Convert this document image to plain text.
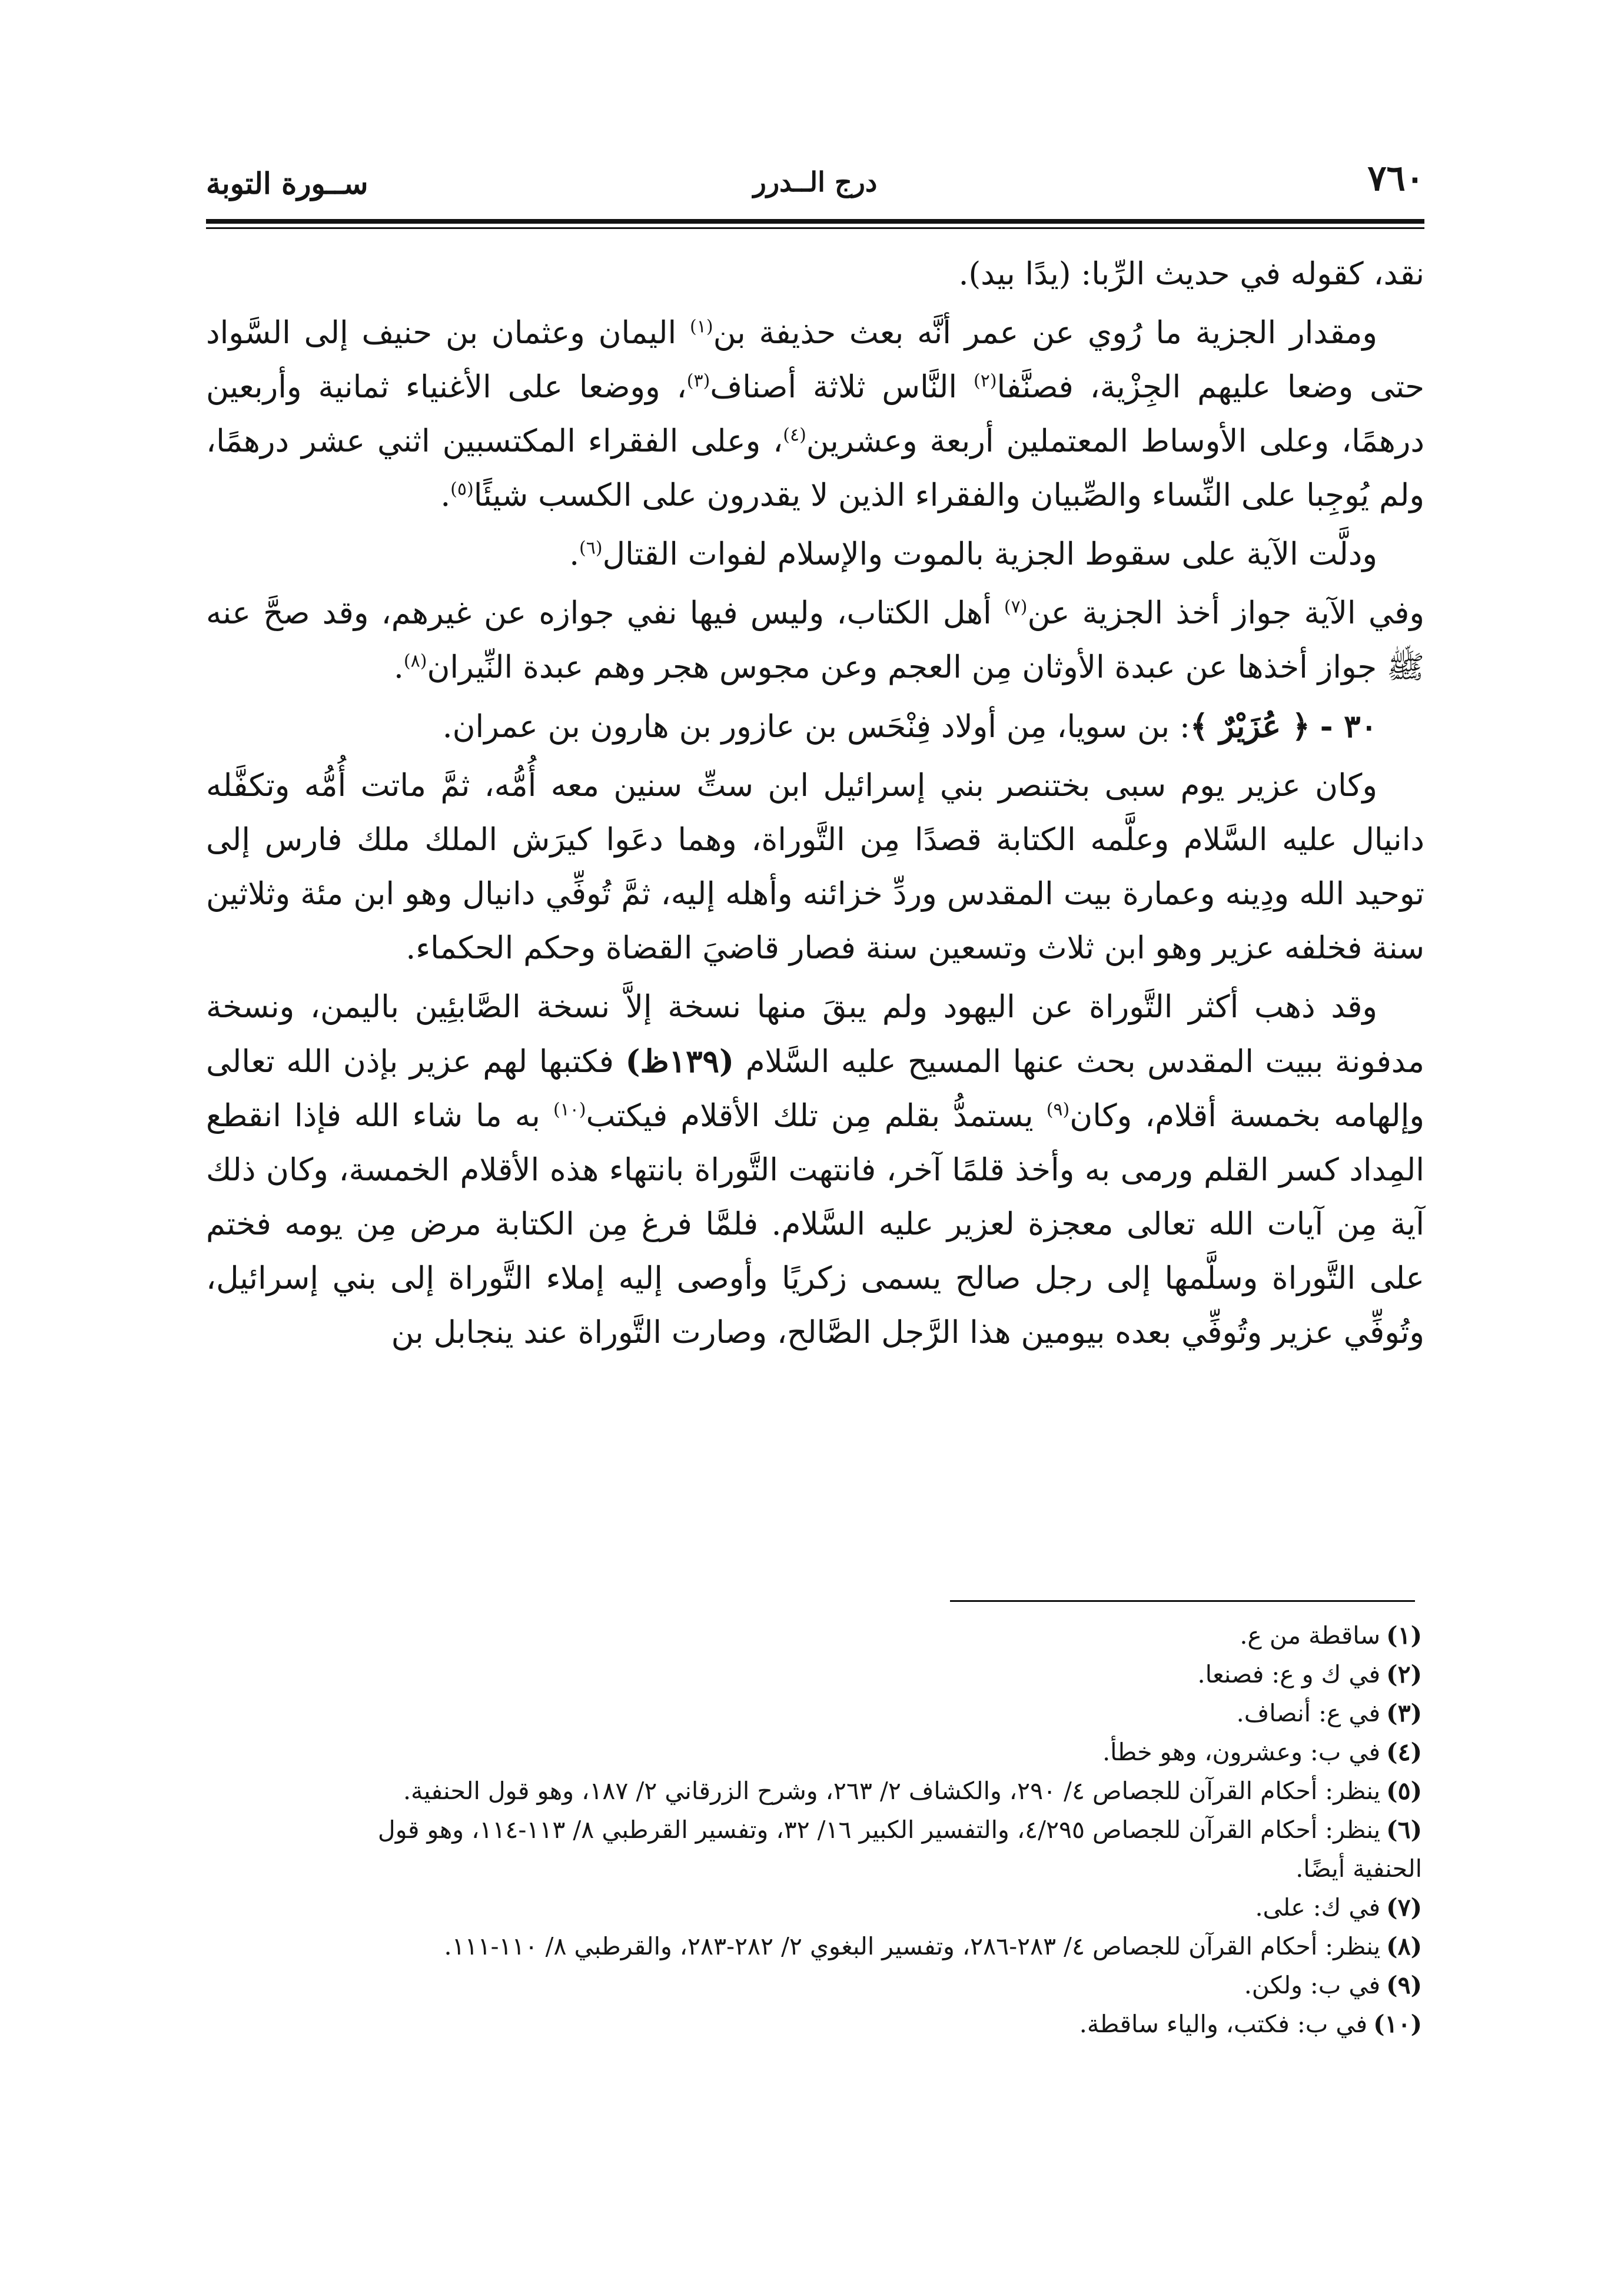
٧٦٠
درج الــدرر
ســورة التوبة

نقد، كقوله في حديث الرِّبا: (يدًا بيد).

ومقدار الجزية ما رُوي عن عمر أنَّه بعث حذيفة بن$^{(١)}$ اليمان وعثمان بن حنيف إلى السَّواد حتى وضعا عليهم الجِزْية، فصنَّفا$^{(٢)}$ النَّاس ثلاثة أصناف$^{(٣)}$، ووضعا على الأغنياء ثمانية وأربعين درهمًا، وعلى الأوساط المعتملين أربعة وعشرين$^{(٤)}$، وعلى الفقراء المكتسبين اثني عشر درهمًا، ولم يُوجِبا على النِّساء والصِّبيان والفقراء الذين لا يقدرون على الكسب شيئًا$^{(٥)}$.

ودلَّت الآية على سقوط الجزية بالموت والإسلام لفوات القتال$^{(٦)}$.

وفي الآية جواز أخذ الجزية عن$^{(٧)}$ أهل الكتاب، وليس فيها نفي جوازه عن غيرهم، وقد صحَّ عنه ﷺ جواز أخذها عن عبدة الأوثان مِن العجم وعن مجوس هجر وهم عبدة النِّيران$^{(٨)}$.

٣٠ - ﴿ عُزَيْرٌ ﴾: بن سويا، مِن أولاد فِنْحَس بن عازور بن هارون بن عمران.

وكان عزير يوم سبى بختنصر بني إسرائيل ابن ستِّ سنين معه أُمُّه، ثمَّ ماتت أُمُّه وتكفَّله دانيال عليه السَّلام وعلَّمه الكتابة قصدًا مِن التَّوراة، وهما دعَوا كيرَش الملك ملك فارس إلى توحيد الله ودِينه وعمارة بيت المقدس وردِّ خزائنه وأهله إليه، ثمَّ تُوفِّي دانيال وهو ابن مئة وثلاثين سنة فخلفه عزير وهو ابن ثلاث وتسعين سنة فصار قاضيَ القضاة وحكم الحكماء.

وقد ذهب أكثر التَّوراة عن اليهود ولم يبقَ منها نسخة إلاَّ نسخة الصَّابئِين باليمن، ونسخة مدفونة ببيت المقدس بحث عنها المسيح عليه السَّلام (١٣٩ظ) فكتبها لهم عزير بإذن الله تعالى وإلهامه بخمسة أقلام، وكان$^{(٩)}$ يستمدُّ بقلم مِن تلك الأقلام فيكتب$^{(١٠)}$ به ما شاء الله فإذا انقطع المِداد كسر القلم ورمى به وأخذ قلمًا آخر، فانتهت التَّوراة بانتهاء هذه الأقلام الخمسة، وكان ذلك آية مِن آيات الله تعالى معجزة لعزير عليه السَّلام. فلمَّا فرغ مِن الكتابة مرض مِن يومه فختم على التَّوراة وسلَّمها إلى رجل صالح يسمى زكريًا وأوصى إليه إملاء التَّوراة إلى بني إسرائيل، وتُوفِّي عزير وتُوفِّي بعده بيومين هذا الرَّجل الصَّالح، وصارت التَّوراة عند ينجابل بن

(١)ساقطة من ع.

(٢)في ك و ع: فصنعا.

(٣)في ع: أنصاف.

(٤)في ب: وعشرون، وهو خطأ.

(٥)ينظر: أحكام القرآن للجصاص ٤/ ٢٩٠، والكشاف ٢/ ٢٦٣، وشرح الزرقاني ٢/ ١٨٧، وهو قول الحنفية.

(٦)ينظر: أحكام القرآن للجصاص ٤/٢٩٥، والتفسير الكبير ١٦/ ٣٢، وتفسير القرطبي ٨/ ١١٣-١١٤، وهو قول

الحنفية أيضًا.

(٧)في ك: على.

(٨)ينظر: أحكام القرآن للجصاص ٤/ ٢٨٣-٢٨٦، وتفسير البغوي ٢/ ٢٨٢-٢٨٣، والقرطبي ٨/ ١١٠-١١١.

(٩)في ب: ولكن.

(١٠)في ب: فكتب، والياء ساقطة.
